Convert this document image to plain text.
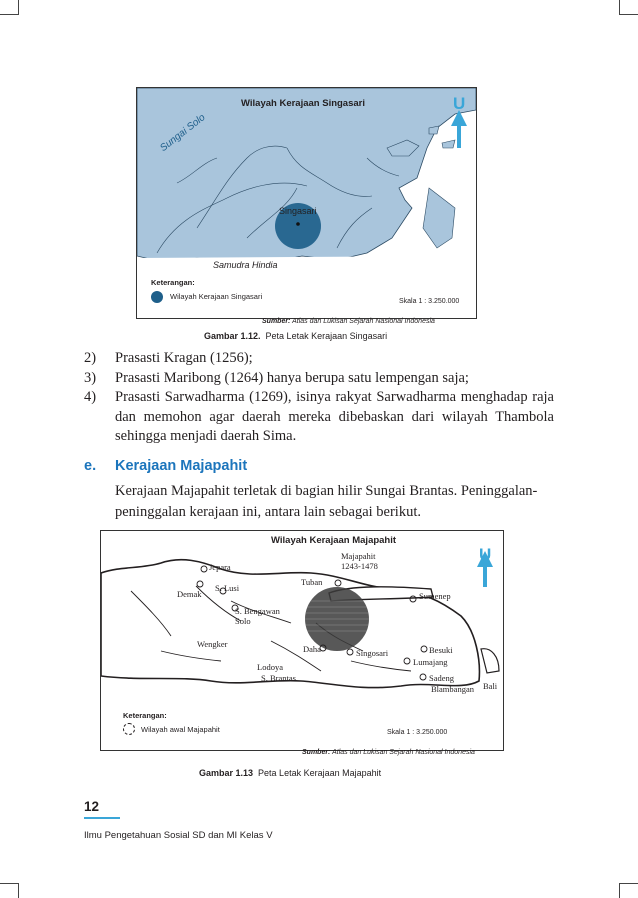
Wilayah Kerajaan Singasari	U
Sungai Solo
Singasari
Samudra Hindia
Keterangan:
Wilayah Kerajaan Singasari
Skala 1 : 3.250.000
Sumber: Atlas dan Lukisan Sejarah Nasional Indonesia
Gambar 1.12. Peta Letak Kerajaan Singasari
2)	Prasasti Kragan (1256);
3)	Prasasti Maribong (1264) hanya berupa satu lempengan saja;
4)	Prasasti Sarwadharma (1269), isinya rakyat Sarwadharma menghadap raja dan memohon agar daerah mereka dibebaskan dari wilayah Thambola sehingga menjadi daerah Sima.
e. Kerajaan Majapahit
Kerajaan Majapahit terletak di bagian hilir Sungai Brantas. Peninggalan-peninggalan kerajaan ini, antara lain sebagai berikut.
Wilayah Kerajaan Majapahit
U
Majapahit
1243-1478
Jepara
Demak
S. Lusi
Tuban
Sumenep
S. Bengawan
Solo
Wengker	Daha	Singosari	Besuki
Lodoya
S. Brantas
Lumajang
Sadeng
Blambangan Bali
Keterangan:
Wilayah awal Majapahit	Skala 1 : 3.250.000
Sumber: Atlas dan Lukisan Sejarah Nasional Indonesia
Gambar 1.13 Peta Letak Kerajaan Majapahit
12
Ilmu Pengetahuan Sosial SD dan MI Kelas V
